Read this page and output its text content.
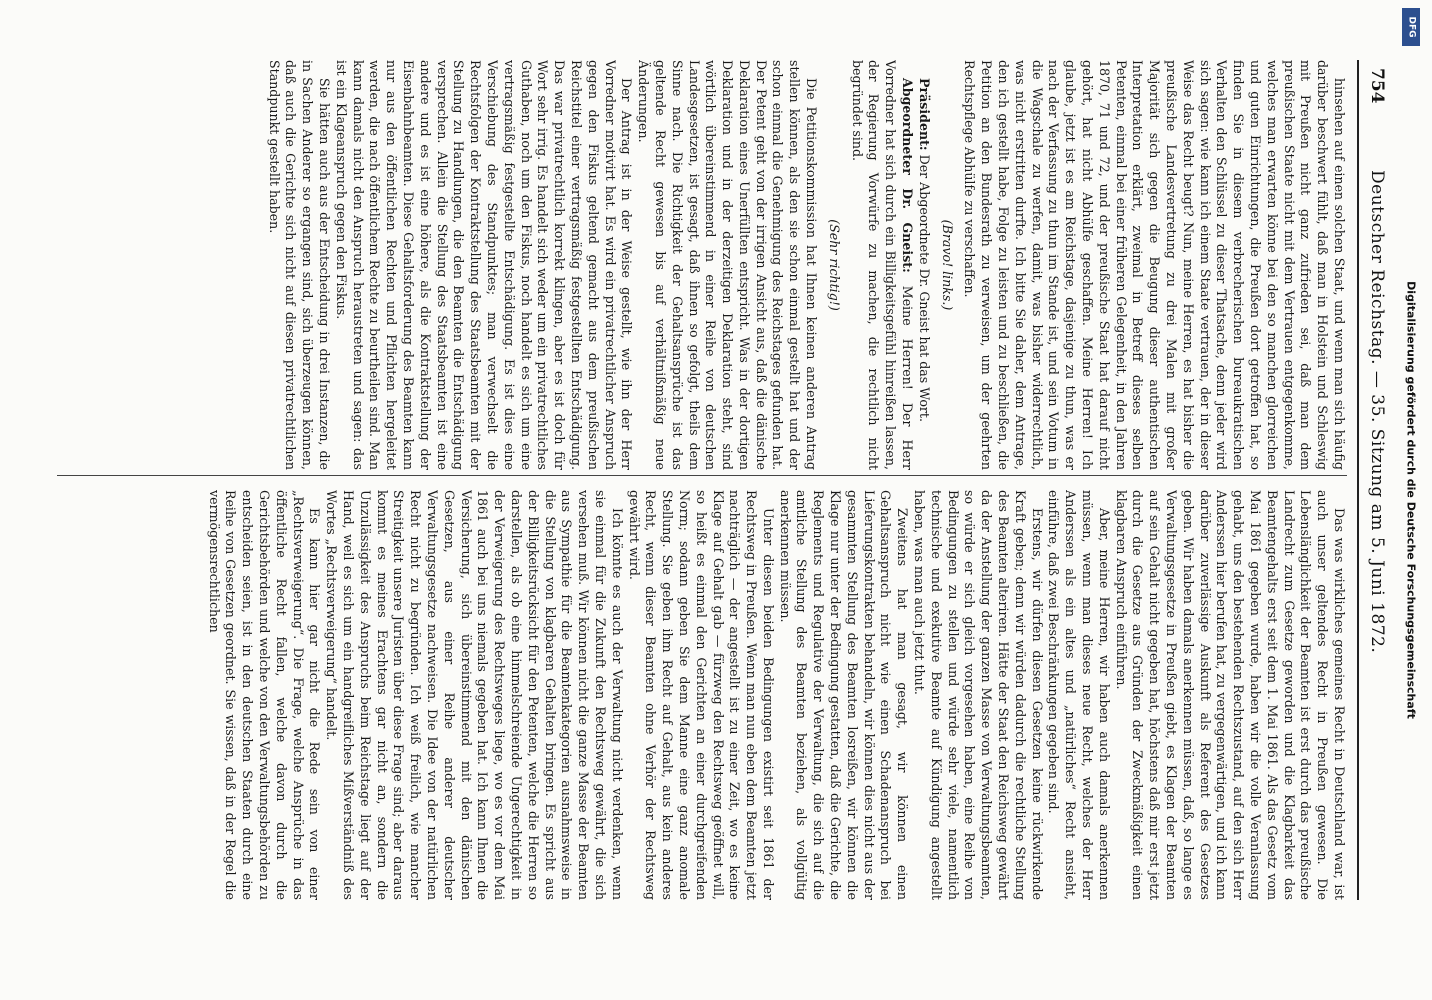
754
Deutscher Reichstag. — 35. Sitzung am 5. Juni 1872.

hinsehen auf einen solchen Staat, und wenn man sich häufig darüber beschwert fühlt, daß man in Holstein und Schleswig mit Preußen nicht ganz zufrieden sei, daß man dem preußischen Staate nicht mit dem Vertrauen entgegenkomme, welches man erwarten könne bei den so manchen glorreichen und guten Einrichtungen, die Preußen dort getroffen hat, so finden Sie in diesem verbrecherischen bureaukratischen Verhalten den Schlüssel zu dieser Thatsache, denn jeder wird sich sagen: wie kann ich einem Staate vertrauen, der in dieser Weise das Recht beugt? Nun, meine Herren, es hat bisher die preußische Landesvertretung zu drei Malen mit großer Majorität sich gegen die Beugung dieser authentischen Interpretation erklärt, zweimal in Betreff dieses selben Petenten, einmal bei einer früheren Gelegenheit, in den Jahren 1870, 71 und 72, und der preußische Staat hat darauf nicht gehört, hat nicht Abhülfe geschaffen. Meine Herren! Ich glaube, jetzt ist es am Reichstage, dasjenige zu thun, was er nach der Verfassung zu thun im Stande ist, und sein Votum in die Wagschale zu werfen, damit, was bisher widerrechtlich, was nicht erstritten durfte. Ich bitte Sie daher, dem Antrage, den ich gestellt habe, Folge zu leisten und zu beschließen, die Petition an den Bundesrath zu verweisen, um der geehrten Rechtspflege Abhülfe zu verschaffen.

(Bravo! links.)

Präsident: Der Abgeordnete Dr. Gneist hat das Wort.

Abgeordneter Dr. Gneist: Meine Herren! Der Herr Vorredner hat sich durch ein Billigkeitsgefühl hinreißen lassen, der Regierung Vorwürfe zu machen, die rechtlich nicht begründet sind.

(Sehr richtig!)

Die Petitionskommission hat Ihnen keinen anderen Antrag stellen können, als den sie schon einmal gestellt hat und der schon einmal die Genehmigung des Reichstages gefunden hat. Der Petent geht von der irrigen Ansicht aus, daß die dänische Deklaration eines Unerfüllten entspricht. Was in der dortigen Deklaration und in der derzeitigen Deklaration steht, sind wörtlich übereinstimmend in einer Reihe von deutschen Landesgesetzen, ist gesagt, daß ihnen so gefolgt, theils dem Sinne nach. Die Richtigkeit der Gehaltsansprüche ist das geltende Recht gewesen bis auf verhältnißmäßig neue Änderungen.

Der Antrag ist in der Weise gestellt, wie ihn der Herr Vorredner motivirt hat. Es wird ein privatrechtlicher Anspruch gegen den Fiskus geltend gemacht aus dem preußischen Reichstitel einer vertragsmäßig festgestellten Entschädigung. Das war privatrechtlich korrekt klingen, aber es ist doch für Wort sehr irrig. Es handelt sich weder um ein privatrechtliches Guthaben, noch um den Fiskus, noch handelt es sich um eine vertragsmäßig festgestellte Entschädigung. Es ist dies eine Verschiebung des Standpunktes; man verwechselt die Rechtsfolgen der Kontraktstellung des Staatsbeamten mit der Stellung zu Handlungen, die den Beamten die Entschädigung versprechen. Allein die Stellung des Staatsbeamten ist eine andere und es ist eine höhere, als die Kontraktstellung der Eisenbahnbeamten. Diese Gehaltsforderung des Beamten kann nur aus den öffentlichen Rechten und Pflichten hergeleitet werden, die nach öffentlichem Rechte zu beurtheilen sind. Man kann damals nicht den Anspruch heraustreten und sagen: das ist ein Klageanspruch gegen den Fiskus.

Sie hätten auch aus der Entscheidung in drei Instanzen, die in Sachen Anderer so ergangen sind, sich überzeugen können, daß auch die Gerichte sich nicht auf diesen privatrechtlichen Standpunkt gestellt haben.

Das was wirkliches gemeines Recht in Deutschland war, ist auch unser geltendes Recht in Preußen gewesen. Die Lebenslänglichkeit der Beamten ist erst durch das preußische Landrecht zum Gesetze geworden und die Klagbarkeit das Beamtengehalts erst seit dem 1. Mai 1861. Als das Gesetz vom Mai 1861 gegeben wurde, haben wir die volle Veranlassung gehabt, uns den bestehenden Rechtszustand, auf den sich Herr Anderssen hier berufen hat, zu vergegenwärtigen, und ich kann darüber zuverlässige Auskunft als Referent des Gesetzes geben. Wir haben damals anerkennen müssen, daß, so lange es Verwaltungsgesetze in Preußen giebt, es Klagen der Beamten auf sein Gehalt nicht gegeben hat, höchstens daß mir erst jetzt durch die Gesetze aus Gründen der Zweckmäßigkeit einen klagbaren Anspruch einführen.

Aber, meine Herren, wir haben auch damals anerkennen müssen, wenn man dieses neue Recht, welches der Herr Anderssen als ein altes und „natürliches“ Recht ansieht, einführe, daß zwei Beschränkungen gegeben sind.

Erstens, wir dürfen diesen Gesetzen keine rückwirkende Kraft geben; denn wir würden dadurch die rechtliche Stellung des Beamten alteriren. Hätte der Staat den Reichsweg gewährt da der Anstellung der ganzen Masse von Verwaltungsbeamten, so würde er sich gleich vorgesehen haben, eine Reihe von Bedingungen zu stellen und würde sehr viele, namentlich technische und exekutive Beamte auf Kündigung angestellt haben, was man auch jetzt thut.

Zweitens hat man gesagt, wir können einen Gehaltsanspruch nicht wie einen Schadenanspruch bei Lieferungskontrakten behandeln, wir können dies nicht aus der gesammten Stellung des Beamten losreißen, wir können die Klage nur unter der Bedingung gestatten, daß die Gerichte, die Reglements und Regulative der Verwaltung, die sich auf die amtliche Stellung des Beamten beziehen, als vollgültig anerkennen müssen.

Unter diesen beiden Bedingungen existirt seit 1861 der Rechtsweg in Preußen. Wenn man nun eben dem Beamten jetzt nachträglich — der angestellt ist zu einer Zeit, wo es keine Klage auf Gehalt gab — fürzweg den Rechtsweg geöffnet will, so heißt es einmal den Gerichten an einer durchgreifenden Norm; sodann geben Sie dem Manne eine ganz anomale Stellung. Sie geben ihm Recht auf Gehalt, aus kein anderes Recht, wenn dieser Beamten ohne Verhör der Rechtsweg gewährt wird.

Ich könnte es auch der Verwaltung nicht verdenken, wenn sie einmal für die Zukunft den Rechtsweg gewährt, die sich versehen muß. Wir können nicht die ganze Masse der Beamten aus Sympathie für die Beamtenkategorien ausnahmsweise in die Stellung von klagbaren Gehalten bringen. Es spricht aus der Billigkeitsrücksicht für den Petenten, welche die Herren so darstellen, als ob eine himmelschreiende Ungerechtigkeit in der Verweigerung des Rechtsweges liege, wo es vor dem Mai 1861 auch bei uns niemals gegeben hat. Ich kann Ihnen die Versicherung, sich übereinstimmend mit den dänischen Gesetzen, aus einer Reihe anderer deutscher Verwaltungsgesetze nachweisen. Die Idee von der natürlichen Recht nicht zu begründen. Ich weiß freilich, wie mancher Streitigkeit unsere Juristen über diese Frage sind; aber daraus kommt es meines Erachtens gar nicht an, sondern die Unzulässigkeit des Anspruchs beim Reichstage liegt auf der Hand, weil es sich um ein handgreifliches Mißverständniß des Wortes „Rechtsverweigerung“ handelt.

Es kann hier gar nicht die Rede sein von einer „Rechtsverweigerung“. Die Frage, welche Ansprüche in das öffentliche Recht fallen, welche davon durch die Gerichtsbehörden und welche von den Verwaltungsbehörden zu entscheiden seien, ist in den deutschen Staaten durch eine Reihe von Gesetzen geordnet. Sie wissen, daß in der Regel die vermögensrechtlichen	Digitalisierung gefördert durch die Deutsche Forschungsgemeinschaft
DFG
